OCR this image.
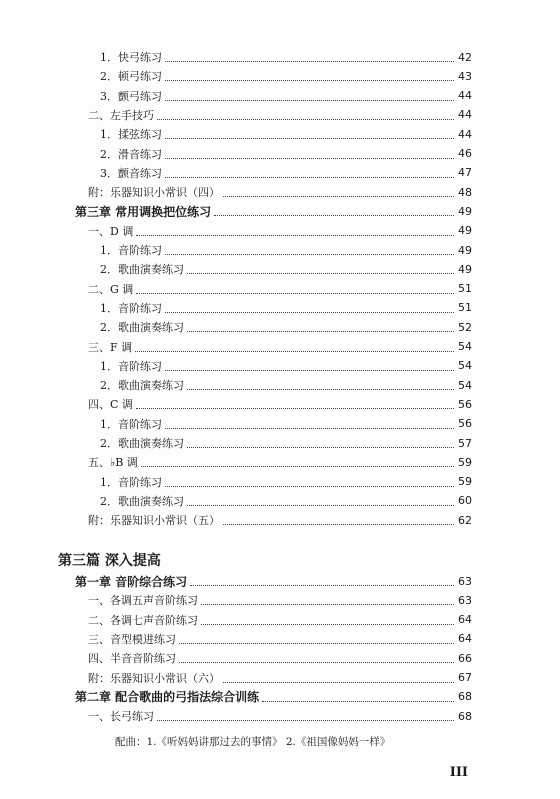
1．快弓练习	42
2．顿弓练习	43
3．颤弓练习	44
二、左手技巧	44
1．揉弦练习	44
2．滑音练习	46
3．颤音练习	47
附：乐器知识小常识（四）	48
第三章 常用调换把位练习	49
一、D 调	49
1．音阶练习	49
2．歌曲演奏练习	49
二、G 调	51
1．音阶练习	51
2．歌曲演奏练习	52
三、F 调	54
1．音阶练习	54
2．歌曲演奏练习	54
四、C 调	56
1．音阶练习	56
2．歌曲演奏练习	57
五、♭B 调	59
1．音阶练习	59
2．歌曲演奏练习	60
附：乐器知识小常识（五）	62
第三篇 深入提高
第一章 音阶综合练习	63
一、各调五声音阶练习	63
二、各调七声音阶练习	64
三、音型模进练习	64
四、半音音阶练习	66
附：乐器知识小常识（六）	67
第二章 配合歌曲的弓指法综合训练	68
一、长弓练习	68
配曲：1.《听妈妈讲那过去的事情》 2.《祖国像妈妈一样》
III
